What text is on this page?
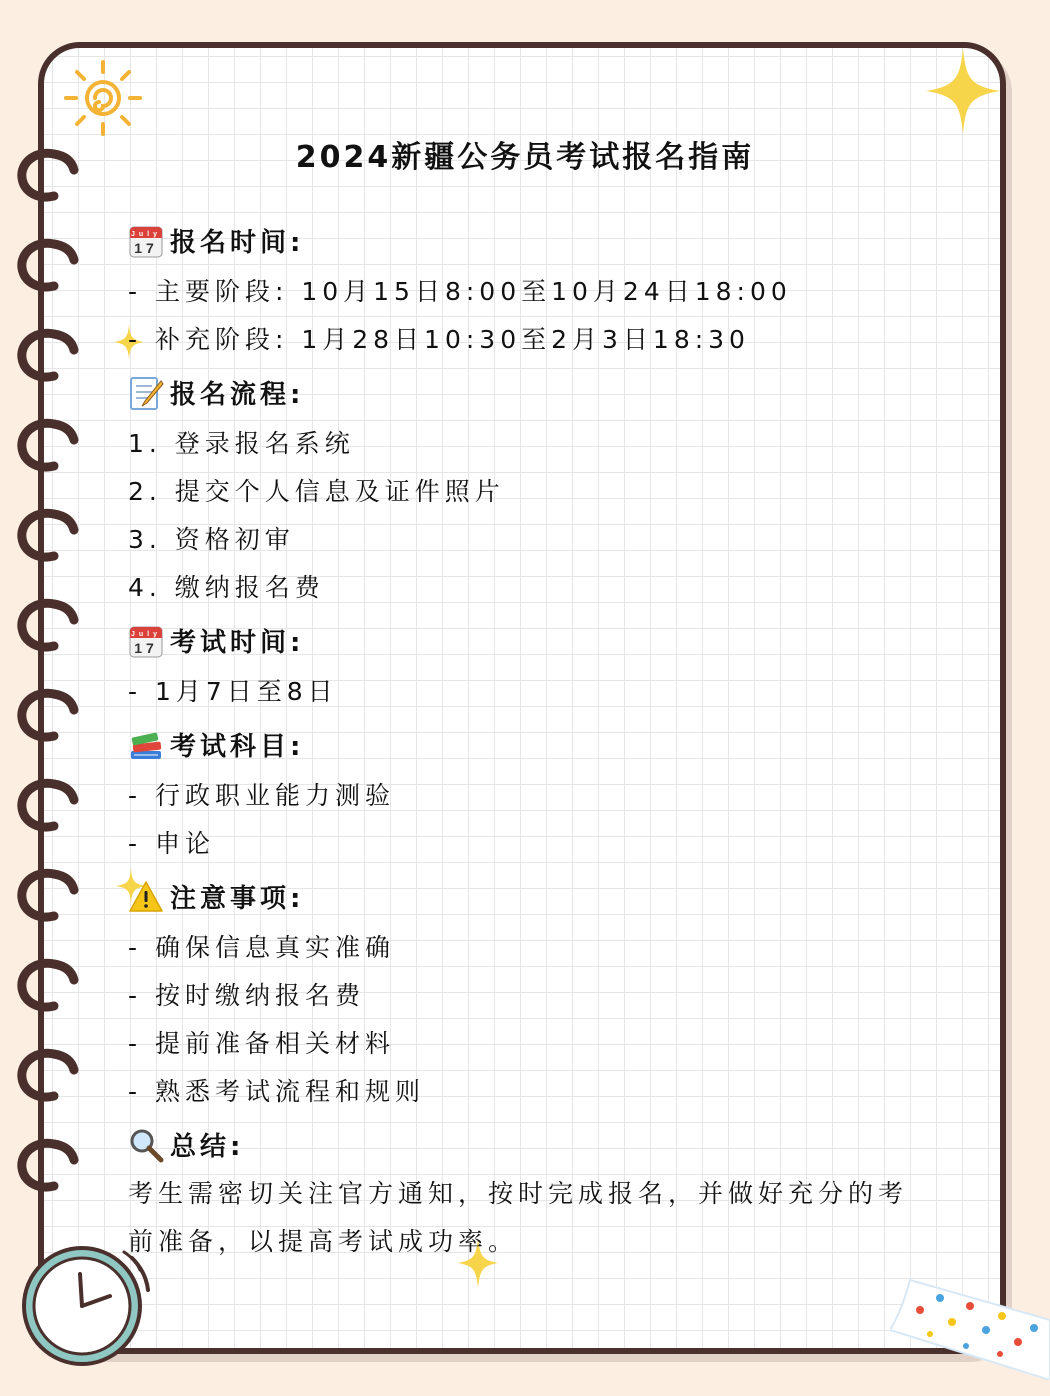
2024新疆公务员考试报名指南
July
17 报名时间:
- 主要阶段: 10月15日8:00至10月24日18:00
- 补充阶段: 1月28日10:30至2月3日18:30
报名流程:
1. 登录报名系统
2. 提交个人信息及证件照片
3. 资格初审
4. 缴纳报名费
July
17 考试时间:
- 1月7日至8日
考试科目:
- 行政职业能力测验
- 申论
注意事项:
- 确保信息真实准确
- 按时缴纳报名费
- 提前准备相关材料
- 熟悉考试流程和规则
总结:
考生需密切关注官方通知，按时完成报名，并做好充分的考前准备，以提高考试成功率。
